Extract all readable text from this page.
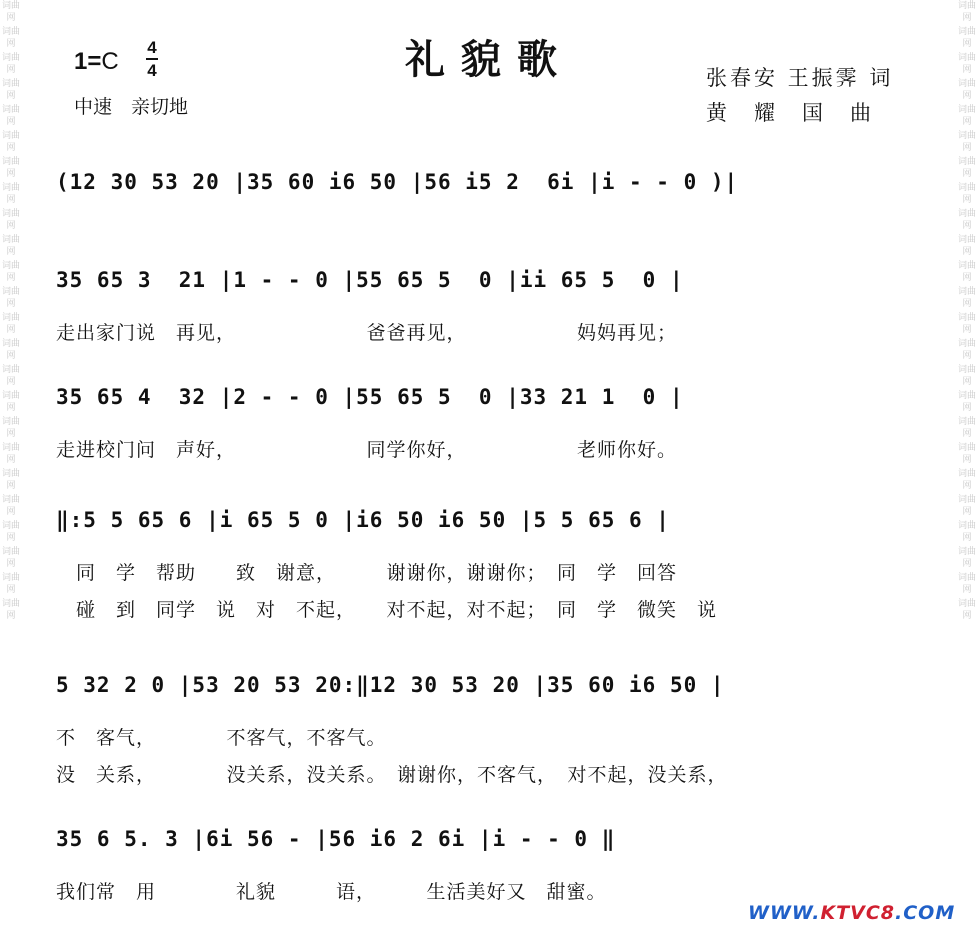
词曲网
词曲网
词曲网
词曲网
词曲网
词曲网
词曲网
词曲网
词曲网
词曲网
词曲网
词曲网
词曲网
词曲网
词曲网
词曲网
词曲网
词曲网
词曲网
词曲网
词曲网
词曲网
词曲网
词曲网
词曲网
词曲网
词曲网
词曲网
词曲网
词曲网
词曲网
词曲网
词曲网
词曲网
词曲网
词曲网
词曲网
词曲网
词曲网
词曲网
词曲网
词曲网
词曲网
词曲网
词曲网
词曲网
词曲网
词曲网
礼貌歌
1=C
4
4
中速　亲切地
张春安 王振霁 词
黄耀国曲
(12 30 53 20 |35 60 i6 50 |56 i5 2  6i |i - - 0 )|
35 65 3  21 |1 - - 0 |55 65 5  0 |ii 65 5  0 |
走出家门说　再见，　　　　　　　爸爸再见，　　　　　　妈妈再见；
35 65 4  32 |2 - - 0 |55 65 5  0 |33 21 1  0 |
走进校门问　声好，　　　　　　　同学你好，　　　　　　老师你好。
‖:5 5 65 6 |i 65 5 0 |i6 50 i6 50 |5 5 65 6 |
　同　学　帮助　　致　谢意，　　　谢谢你，谢谢你；　同　学　回答
　碰　到　同学　说　对　不起，　　对不起，对不起；　同　学　微笑　说
5 32 2 0 |53 20 53 20:‖12 30 53 20 |35 60 i6 50 |
不　客气，　　　　不客气，不客气。
没　关系，　　　　没关系，没关系。　谢谢你，不客气，　对不起，没关系，
35 6 5. 3 |6i 56 - |56 i6 2 6i |i - - 0 ‖
我们常　用　　　　礼貌　　　语，　　　生活美好又　甜蜜。
WWW.KTVC8.COM
